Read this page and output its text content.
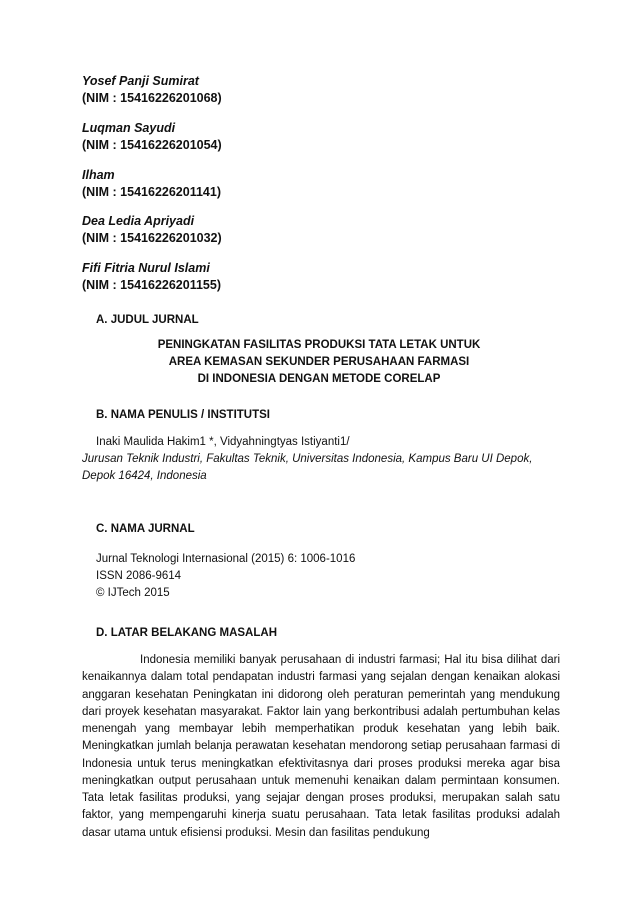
Yosef Panji Sumirat
(NIM : 15416226201068)
Luqman Sayudi
(NIM : 15416226201054)
Ilham
(NIM : 15416226201141)
Dea Ledia Apriyadi
(NIM : 15416226201032)
Fifi Fitria Nurul Islami
(NIM : 15416226201155)
A. JUDUL JURNAL
PENINGKATAN FASILITAS PRODUKSI TATA LETAK UNTUK
AREA KEMASAN SEKUNDER PERUSAHAAN FARMASI
DI INDONESIA DENGAN METODE CORELAP
B. NAMA PENULIS / INSTITUTSI
Inaki Maulida Hakim1 *, Vidyahningtyas Istiyanti1/
Jurusan Teknik Industri, Fakultas Teknik, Universitas Indonesia, Kampus Baru UI Depok,
Depok 16424, Indonesia
C. NAMA JURNAL
Jurnal Teknologi Internasional (2015) 6: 1006-1016
ISSN 2086-9614
© IJTech 2015
D. LATAR BELAKANG MASALAH

Indonesia memiliki banyak perusahaan di industri farmasi; Hal itu bisa dilihat dari kenaikannya dalam total pendapatan industri farmasi yang sejalan dengan kenaikan alokasi anggaran kesehatan Peningkatan ini didorong oleh peraturan pemerintah yang mendukung dari proyek kesehatan masyarakat. Faktor lain yang berkontribusi adalah pertumbuhan kelas menengah yang membayar lebih memperhatikan produk kesehatan yang lebih baik. Meningkatkan jumlah belanja perawatan kesehatan mendorong setiap perusahaan farmasi di Indonesia untuk terus meningkatkan efektivitasnya dari proses produksi mereka agar bisa meningkatkan output perusahaan untuk memenuhi kenaikan dalam permintaan konsumen. Tata letak fasilitas produksi, yang sejajar dengan proses produksi, merupakan salah satu faktor, yang mempengaruhi kinerja suatu perusahaan. Tata letak fasilitas produksi adalah dasar utama untuk efisiensi produksi. Mesin dan fasilitas pendukung
